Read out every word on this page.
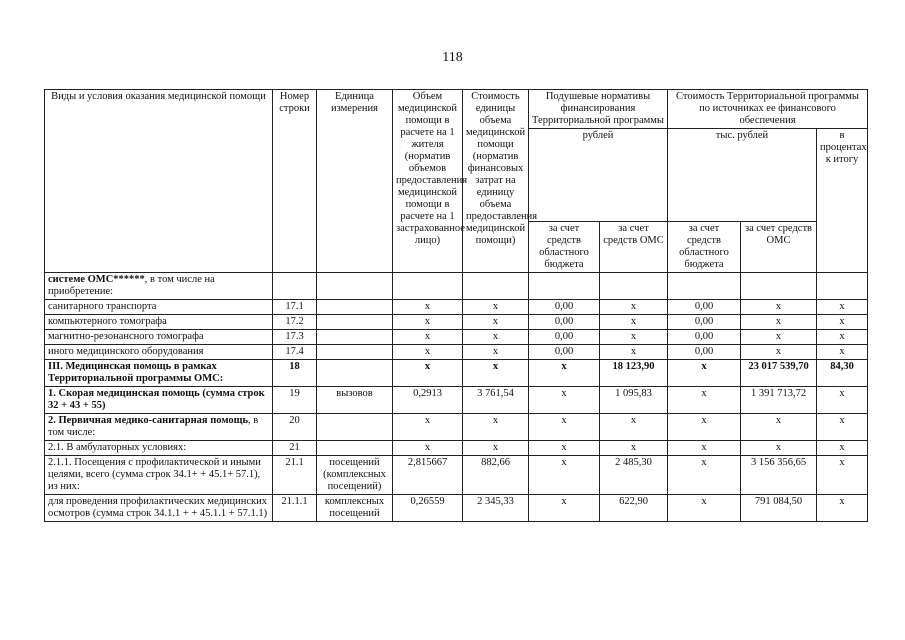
118
Виды и условия оказания медицинской помощи	Номер строки	Единица измерения	Объем медицинской помощи в расчете на 1 жителя (норматив объемов предоставления медицинской помощи в расчете на 1 застрахованное лицо)	Стоимость единицы объема медицинской помощи (норматив финансовых затрат на единицу объема предоставления медицинской помощи)	Подушевые нормативы финансирования Территориальной программы		Стоимость Территориальной программы по источниках ее финансового обеспечения		
					рублей		тыс. рублей		в процентах к итогу
					за счет средств областного бюджета	за счет средств ОМС	за счет средств областного бюджета	за счет средств ОМС	
системе ОМС******, в том числе на приобретение:									
санитарного транспорта	17.1		x	x	0,00	x	0,00	x	x
компьютерного томографа	17.2		x	x	0,00	x	0,00	x	x
магнитно-резонансного томографа	17.3		x	x	0,00	x	0,00	x	x
иного медицинского оборудования	17.4		x	x	0,00	x	0,00	x	x
III. Медицинская помощь в рамках Территориальной программы ОМС:	18		x	x	x	18 123,90	x	23 017 539,70	84,30
1. Скорая медицинская помощь (сумма строк 32 + 43 + 55)	19	вызовов	0,2913	3 761,54	x	1 095,83	x	1 391 713,72	x
2. Первичная медико-санитарная помощь, в том числе:	20		x	x	x	x	x	x	x
2.1. В амбулаторных условиях:	21		x	x	x	x	x	x	x
2.1.1. Посещения с профилактической и иными целями, всего (сумма строк 34.1+ + 45.1+ 57.1), из них:	21.1	посещений (комплексных посещений)	2,815667	882,66	x	2 485,30	x	3 156 356,65	x
для проведения профилактических медицинских осмотров (сумма строк 34.1.1 + + 45.1.1 + 57.1.1)	21.1.1	комплексных посещений	0,26559	2 345,33	x	622,90	x	791 084,50	x
